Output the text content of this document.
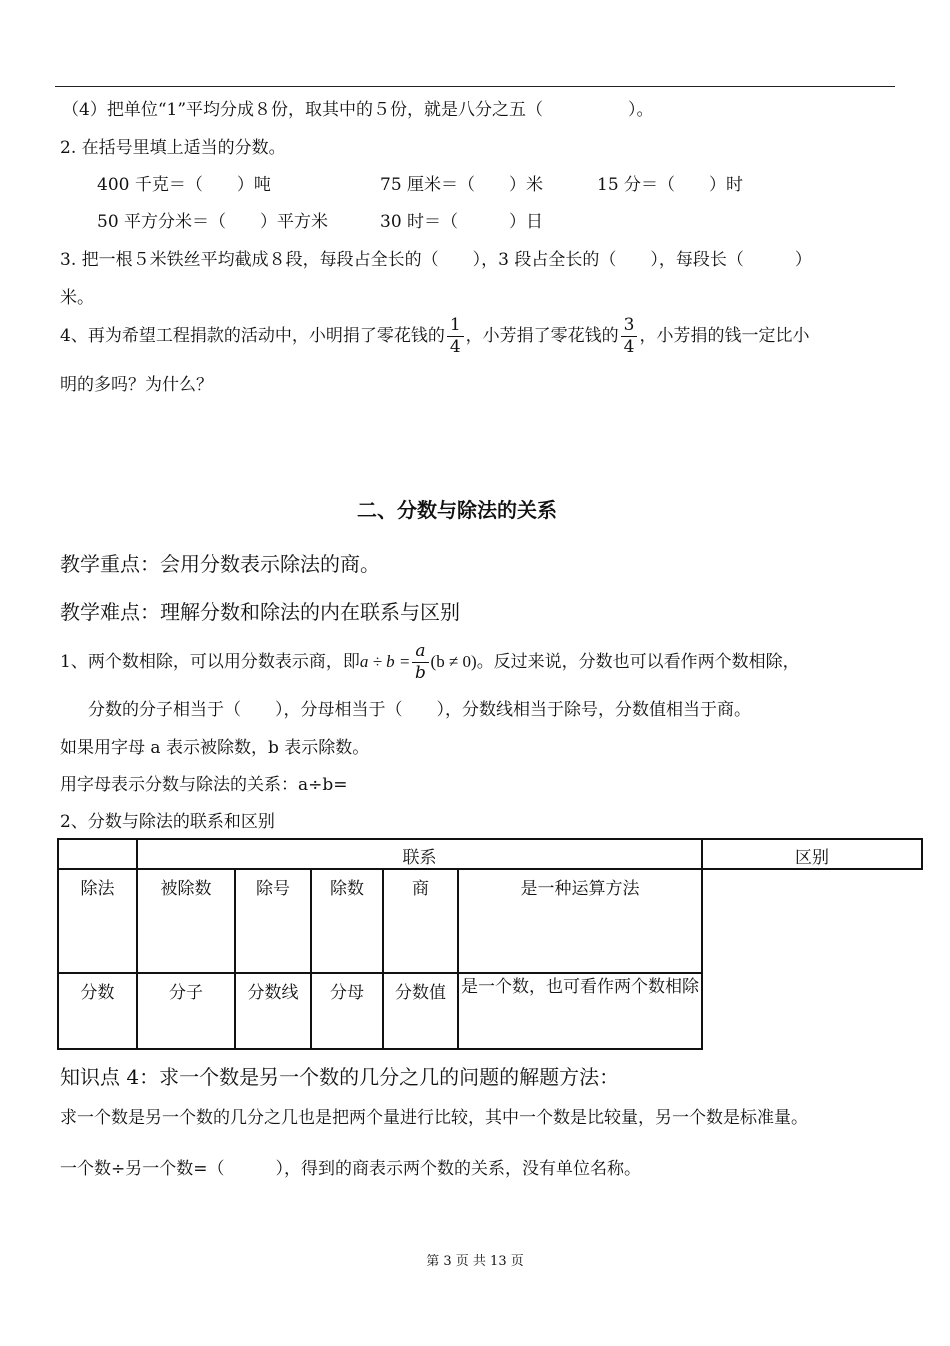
（4）把单位“1”平均分成８份，取其中的５份，就是八分之五（　　　　　）。
2. 在括号里填上适当的分数。
400 千克＝（　　）吨	75 厘米＝（　　）米	15 分＝（　　）时
50 平方分米＝（　　）平方米	30 时＝（　　　）日
3. 把一根５米铁丝平均截成８段，每段占全长的（　　），3 段占全长的（　　），每段长（　　　）
米。
4、再为希望工程捐款的活动中，小明捐了零花钱的 $\frac{1}{4}$ ，小芳捐了零花钱的 $\frac{3}{4}$ ，小芳捐的钱一定比小
明的多吗？为什么？
二、分数与除法的关系
教学重点：会用分数表示除法的商。
教学难点：理解分数和除法的内在联系与区别
1、两个数相除，可以用分数表示商，即$a \div b = \frac{a}{b} (b \ne 0)$。反过来说，分数也可以看作两个数相除，
分数的分子相当于（　　），分母相当于（　　），分数线相当于除号，分数值相当于商。
如果用字母 a 表示被除数，b 表示除数。
用字母表示分数与除法的关系：a÷b=
2、分数与除法的联系和区别
	联系					区别
除法	被除数	除号	除数	商	是一种运算方法	
分数	分子	分数线	分母	分数值	是一个数，也可看作两个数相除	
知识点 4：求一个数是另一个数的几分之几的问题的解题方法：
求一个数是另一个数的几分之几也是把两个量进行比较，其中一个数是比较量，另一个数是标准量。
一个数÷另一个数=（　　　），得到的商表示两个数的关系，没有单位名称。
第 3 页 共 13 页
